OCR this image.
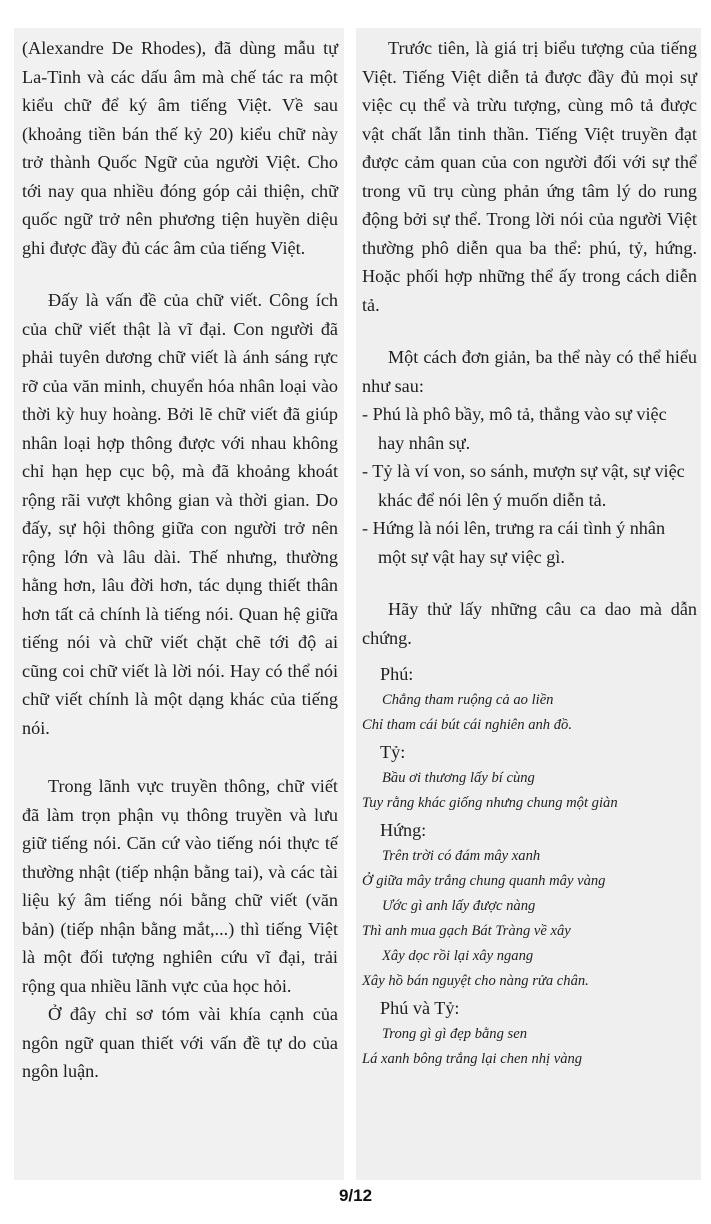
(Alexandre De Rhodes), đã dùng mẫu tự La-Tinh và các dấu âm mà chế tác ra một kiểu chữ để ký âm tiếng Việt. Về sau (khoảng tiền bán thế kỷ 20) kiểu chữ này trở thành Quốc Ngữ của người Việt. Cho tới nay qua nhiều đóng góp cải thiện, chữ quốc ngữ trở nên phương tiện huyền diệu ghi được đầy đủ các âm của tiếng Việt.

Đấy là vấn đề của chữ viết. Công ích của chữ viết thật là vĩ đại. Con người đã phải tuyên dương chữ viết là ánh sáng rực rỡ của văn minh, chuyển hóa nhân loại vào thời kỳ huy hoàng. Bởi lẽ chữ viết đã giúp nhân loại hợp thông được với nhau không chỉ hạn hẹp cục bộ, mà đã khoảng khoát rộng rãi vượt không gian và thời gian. Do đấy, sự hội thông giữa con người trở nên rộng lớn và lâu dài. Thế nhưng, thường hằng hơn, lâu đời hơn, tác dụng thiết thân hơn tất cả chính là tiếng nói. Quan hệ giữa tiếng nói và chữ viết chặt chẽ tới độ ai cũng coi chữ viết là lời nói. Hay có thể nói chữ viết chính là một dạng khác của tiếng nói.

Trong lãnh vực truyền thông, chữ viết đã làm trọn phận vụ thông truyền và lưu giữ tiếng nói. Căn cứ vào tiếng nói thực tế thường nhật (tiếp nhận bằng tai), và các tài liệu ký âm tiếng nói bằng chữ viết (văn bản) (tiếp nhận bằng mắt,...) thì tiếng Việt là một đối tượng nghiên cứu vĩ đại, trải rộng qua nhiều lãnh vực của học hỏi.

Ở đây chỉ sơ tóm vài khía cạnh của ngôn ngữ quan thiết với vấn đề tự do của ngôn luận.

Trước tiên, là giá trị biểu tượng của tiếng Việt. Tiếng Việt diễn tả được đầy đủ mọi sự việc cụ thể và trừu tượng, cùng mô tả được vật chất lẫn tinh thần. Tiếng Việt truyền đạt được cảm quan của con người đối với sự thể trong vũ trụ cùng phản ứng tâm lý do rung động bởi sự thể. Trong lời nói của người Việt thường phô diễn qua ba thể: phú, tỷ, hứng. Hoặc phối hợp những thể ấy trong cách diễn tả.

Một cách đơn giản, ba thể này có thể hiểu như sau:

- Phú là phô bầy, mô tả, thẳng vào sự việc hay nhân sự.
- Tỷ là ví von, so sánh, mượn sự vật, sự việc khác để nói lên ý muốn diễn tả.
- Hứng là nói lên, trưng ra cái tình ý nhân một sự vật hay sự việc gì.

Hãy thử lấy những câu ca dao mà dẫn chứng.

Phú:

Chẳng tham ruộng cả ao liền

Chỉ tham cái bút cái nghiên anh đồ.

Tỷ:

Bầu ơi thương lấy bí cùng

Tuy rằng khác giống nhưng chung một giàn

Hứng:

Trên trời có đám mây xanh

Ở giữa mây trắng chung quanh mây vàng

Ước gì anh lấy được nàng

Thì anh mua gạch Bát Tràng về xây

Xây dọc rồi lại xây ngang

Xây hồ bán nguyệt cho nàng rửa chân.

Phú và Tỷ:

Trong gì gì đẹp bằng sen

Lá xanh bông trắng lại chen nhị vàng

9/12
